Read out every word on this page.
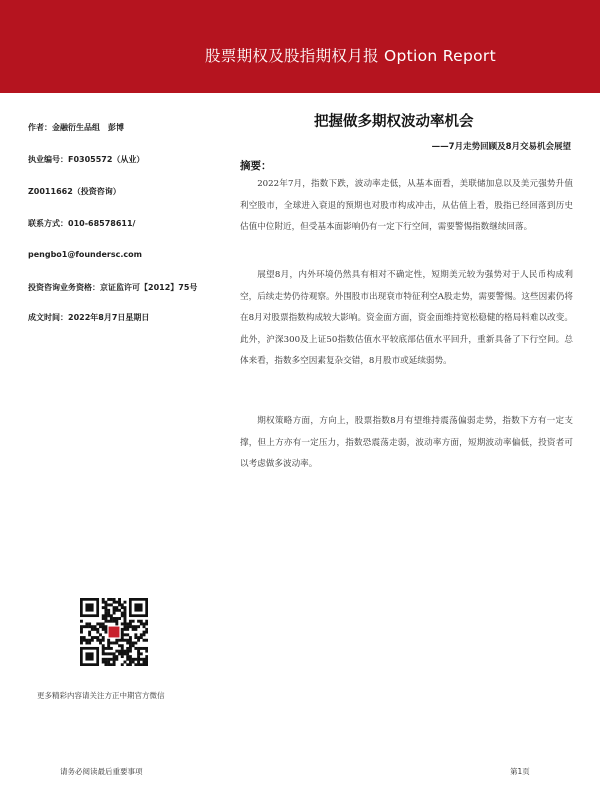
股票期权及股指期权月报 Option Report
作者：金融衍生品组　彭博
执业编号：F0305572（从业）
Z0011662（投资咨询）
联系方式：010-68578611/
pengbo1@foundersc.com
投资咨询业务资格：京证监许可【2012】75号
成文时间：2022年8月7日星期日
把握做多期权波动率机会
——7月走势回顾及8月交易机会展望
摘要：

2022年7月，指数下跌，波动率走低，从基本面看，美联储加息以及美元强势升值利空股市，全球进入衰退的预期也对股市构成冲击，从估值上看，股指已经回落到历史估值中位附近，但受基本面影响仍有一定下行空间，需要警惕指数继续回落。

展望8月，内外环境仍然具有相对不确定性，短期美元较为强势对于人民币构成利空，后续走势仍待观察。外围股市出现衰市特征利空A股走势，需要警惕。这些因素仍将在8月对股票指数构成较大影响。资金面方面，资金面维持宽松稳健的格局料难以改变。此外，沪深300及上证50指数估值水平较底部估值水平回升，重新具备了下行空间。总体来看，指数多空因素复杂交错，8月股市或延续弱势。

期权策略方面，方向上，股票指数8月有望维持震荡偏弱走势，指数下方有一定支撑，但上方亦有一定压力，指数恐震荡走弱，波动率方面，短期波动率偏低，投资者可以考虑做多波动率。

更多精彩内容请关注方正中期官方微信
请务必阅读最后重要事项	第1页
